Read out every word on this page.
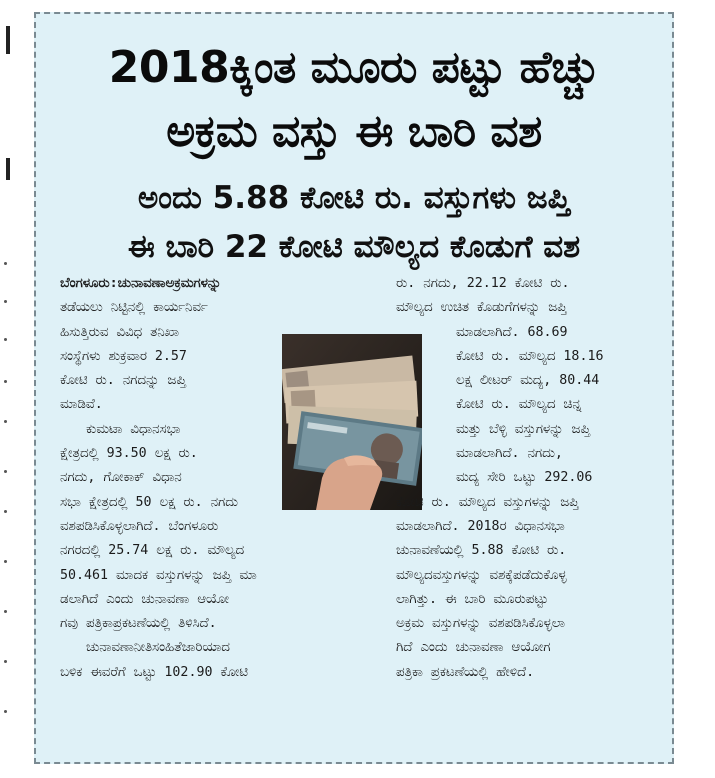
2018ಕ್ಕಿಂತ ಮೂರು ಪಟ್ಟು ಹೆಚ್ಚು
ಅಕ್ರಮ ವಸ್ತು ಈ ಬಾರಿ ವಶ
ಅಂದು 5.88 ಕೋಟಿ ರು. ವಸ್ತುಗಳು ಜಪ್ತಿ
ಈ ಬಾರಿ 22 ಕೋಟಿ ಮೌಲ್ಯದ ಕೊಡುಗೆ ವಶ
ಬೆಂಗಳೂರು:ಚುನಾವಣಾಅಕ್ರಮಗಳನ್ನು
ತಡೆಯಲು ನಿಟ್ಟಿನಲ್ಲಿ ಕಾರ್ಯನಿರ್ವ
ಹಿಸುತ್ತಿರುವ ವಿವಿಧ ತನಿಖಾ
ಸಂಸ್ಥೆಗಳು ಶುಕ್ರವಾರ 2.57
ಕೋಟಿ ರು. ನಗದನ್ನು ಜಪ್ತಿ
ಮಾಡಿವೆ.
ಕುಮಟಾ ವಿಧಾನಸಭಾ
ಕ್ಷೇತ್ರದಲ್ಲಿ 93.50 ಲಕ್ಷ ರು.
ನಗದು, ಗೋಕಾಕ್ ವಿಧಾನ
ಸಭಾ ಕ್ಷೇತ್ರದಲ್ಲಿ 50 ಲಕ್ಷ ರು. ನಗದು
ವಶಪಡಿಸಿಕೊಳ್ಳಲಾಗಿದೆ. ಬೆಂಗಳೂರು
ನಗರದಲ್ಲಿ 25.74 ಲಕ್ಷ ರು. ಮೌಲ್ಯದ
50.461 ಮಾದಕ ವಸ್ತುಗಳನ್ನು ಜಪ್ತಿ ಮಾ
ಡಲಾಗಿದೆ ಎಂದು ಚುನಾವಣಾ ಆಯೋ
ಗವು ಪತ್ರಿಕಾಪ್ರಕಟಣೆಯಲ್ಲಿ ತಿಳಿಸಿದೆ.
ಚುನಾವಣಾನೀತಿಸಂಹಿತೆಜಾರಿಯಾದ
ಬಳಿಕ ಈವರೆಗೆ ಒಟ್ಟು 102.90 ಕೋಟಿ
ರು. ನಗದು, 22.12 ಕೋಟಿ ರು.
ಮೌಲ್ಯದ ಉಚಿತ ಕೊಡುಗೆಗಳನ್ನು ಜಪ್ತಿ
ಮಾಡಲಾಗಿದೆ. 68.69
ಕೋಟಿ ರು. ಮೌಲ್ಯದ 18.16
ಲಕ್ಷ ಲೀಟರ್ ಮದ್ಯ, 80.44
ಕೋಟಿ ರು. ಮೌಲ್ಯದ ಚಿನ್ನ
ಮತ್ತು ಬೆಳ್ಳಿ ವಸ್ತುಗಳನ್ನು ಜಪ್ತಿ
ಮಾಡಲಾಗಿದೆ. ನಗದು,
ಮದ್ಯ ಸೇರಿ ಒಟ್ಟು 292.06
ಕೋಟಿ ರು. ಮೌಲ್ಯದ ವಸ್ತುಗಳನ್ನು ಜಪ್ತಿ
ಮಾಡಲಾಗಿದೆ. 2018ರ ವಿಧಾನಸಭಾ
ಚುನಾವಣೆಯಲ್ಲಿ 5.88 ಕೋಟಿ ರು.
ಮೌಲ್ಯದವಸ್ತುಗಳನ್ನು ವಶಕ್ಕೆಪಡೆದುಕೊಳ್ಳ
ಲಾಗಿತ್ತು. ಈ ಬಾರಿ ಮೂರುಪಟ್ಟು
ಅಕ್ರಮ ವಸ್ತುಗಳನ್ನು ವಶಪಡಿಸಿಕೊಳ್ಳಲಾ
ಗಿದೆ ಎಂದು ಚುನಾವಣಾ ಆಯೋಗ
ಪತ್ರಿಕಾ ಪ್ರಕಟಣೆಯಲ್ಲಿ ಹೇಳಿದೆ.
